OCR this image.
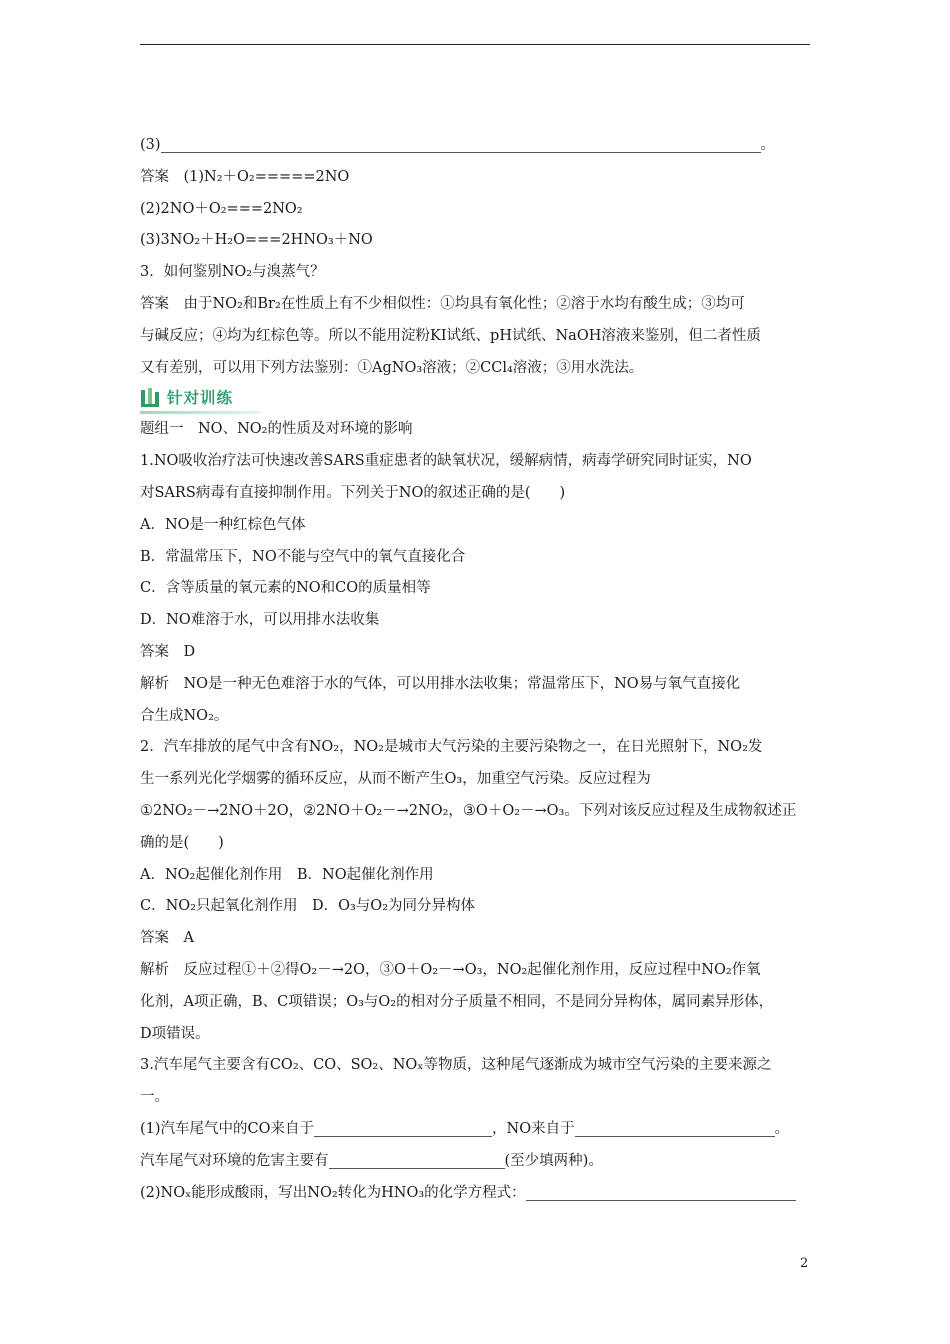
(3)	。

答案　(1)N₂＋O₂=====2NO

(2)2NO＋O₂===2NO₂

(3)3NO₂＋H₂O===2HNO₃＋NO

3．如何鉴别NO₂与溴蒸气？

答案　由于NO₂和Br₂在性质上有不少相似性：①均具有氧化性；②溶于水均有酸生成；③均可

与碱反应；④均为红棕色等。所以不能用淀粉KI试纸、pH试纸、NaOH溶液来鉴别，但二者性质

又有差别，可以用下列方法鉴别：①AgNO₃溶液；②CCl₄溶液；③用水洗法。

针对训练

题组一　NO、NO₂的性质及对环境的影响

1.NO吸收治疗法可快速改善SARS重症患者的缺氧状况，缓解病情，病毒学研究同时证实，NO

对SARS病毒有直接抑制作用。下列关于NO的叙述正确的是(　　)

A．NO是一种红棕色气体

B．常温常压下，NO不能与空气中的氧气直接化合

C．含等质量的氧元素的NO和CO的质量相等

D．NO难溶于水，可以用排水法收集

答案　D

解析　NO是一种无色难溶于水的气体，可以用排水法收集；常温常压下，NO易与氧气直接化

合生成NO₂。

2．汽车排放的尾气中含有NO₂，NO₂是城市大气污染的主要污染物之一，在日光照射下，NO₂发

生一系列光化学烟雾的循环反应，从而不断产生O₃，加重空气污染。反应过程为

①2NO₂－→2NO＋2O，②2NO＋O₂－→2NO₂，③O＋O₂－→O₃。下列对该反应过程及生成物叙述正

确的是(　　)

A．NO₂起催化剂作用　B．NO起催化剂作用

C．NO₂只起氧化剂作用　D．O₃与O₂为同分异构体

答案　A

解析　反应过程①＋②得O₂－→2O，③O＋O₂－→O₃，NO₂起催化剂作用，反应过程中NO₂作氧

化剂，A项正确，B、C项错误；O₃与O₂的相对分子质量不相同，不是同分异构体，属同素异形体，

D项错误。

3.汽车尾气主要含有CO₂、CO、SO₂、NOₓ等物质，这种尾气逐渐成为城市空气污染的主要来源之

一。

(1)汽车尾气中的CO来自于	，NO来自于	。

汽车尾气对环境的危害主要有	(至少填两种)。

(2)NOₓ能形成酸雨，写出NO₂转化为HNO₃的化学方程式：

2
